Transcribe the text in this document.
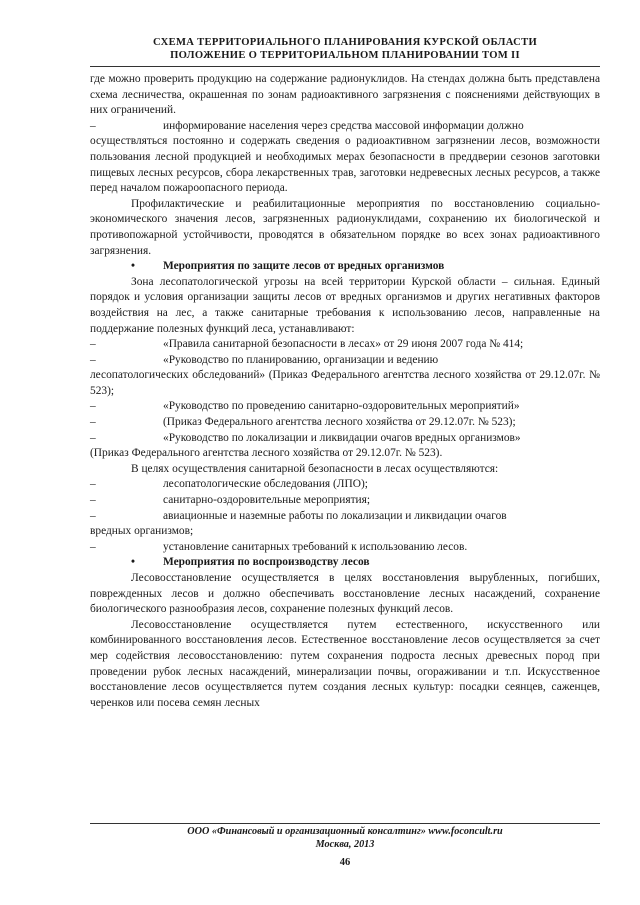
СХЕМА ТЕРРИТОРИАЛЬНОГО ПЛАНИРОВАНИЯ КУРСКОЙ ОБЛАСТИ
ПОЛОЖЕНИЕ О ТЕРРИТОРИАЛЬНОМ ПЛАНИРОВАНИИ ТОМ II

где можно проверить продукцию на содержание радионуклидов. На стендах должна быть представлена схема лесничества, окрашенная по зонам радиоактивного загрязнения с пояснениями действующих в них ограничений.

–	информирование населения через средства массовой информации должно
осуществляться постоянно и содержать сведения о радиоактивном загрязнении лесов, возможности пользования лесной продукцией и необходимых мерах безопасности в преддверии сезонов заготовки пищевых лесных ресурсов, сбора лекарственных трав, заготовки недревесных лесных ресурсов, а также перед началом пожароопасного периода.

Профилактические и реабилитационные мероприятия по восстановлению социально-экономического значения лесов, загрязненных радионуклидами, сохранению их биологической и противопожарной устойчивости, проводятся в обязательном порядке во всех зонах радиоактивного загрязнения.

• Мероприятия по защите лесов от вредных организмов

Зона лесопатологической угрозы на всей территории Курской области – сильная. Единый порядок и условия организации защиты лесов от вредных организмов и других негативных факторов воздействия на лес, а также санитарные требования к использованию лесов, направленные на поддержание полезных функций леса, устанавливают:

–	«Правила санитарной безопасности в лесах» от 29 июня 2007 года № 414;

–	«Руководство по планированию, организации и ведению
лесопатологических обследований» (Приказ Федерального агентства лесного хозяйства от 29.12.07г. № 523);

–	«Руководство по проведению санитарно-оздоровительных мероприятий»

–	(Приказ Федерального агентства лесного хозяйства от 29.12.07г. № 523);

–	«Руководство по локализации и ликвидации очагов вредных организмов»
(Приказ Федерального агентства лесного хозяйства от 29.12.07г. № 523).

В целях осуществления санитарной безопасности в лесах осуществляются:

–	лесопатологические обследования (ЛПО);

–	санитарно-оздоровительные мероприятия;

–	авиационные и наземные работы по локализации и ликвидации очагов
вредных организмов;

–	установление санитарных требований к использованию лесов.

• Мероприятия по воспроизводству лесов

Лесовосстановление осуществляется в целях восстановления вырубленных, погибших, поврежденных лесов и должно обеспечивать восстановление лесных насаждений, сохранение биологического разнообразия лесов, сохранение полезных функций лесов.

Лесовосстановление осуществляется путем естественного, искусственного или комбинированного восстановления лесов. Естественное восстановление лесов осуществляется за счет мер содействия лесовосстановлению: путем сохранения подроста лесных древесных пород при проведении рубок лесных насаждений, минерализации почвы, огораживании и т.п. Искусственное восстановление лесов осуществляется путем создания лесных культур: посадки сеянцев, саженцев, черенков или посева семян лесных

ООО «Финансовый и организационный консалтинг» www.foconcult.ru
Москва, 2013
46
